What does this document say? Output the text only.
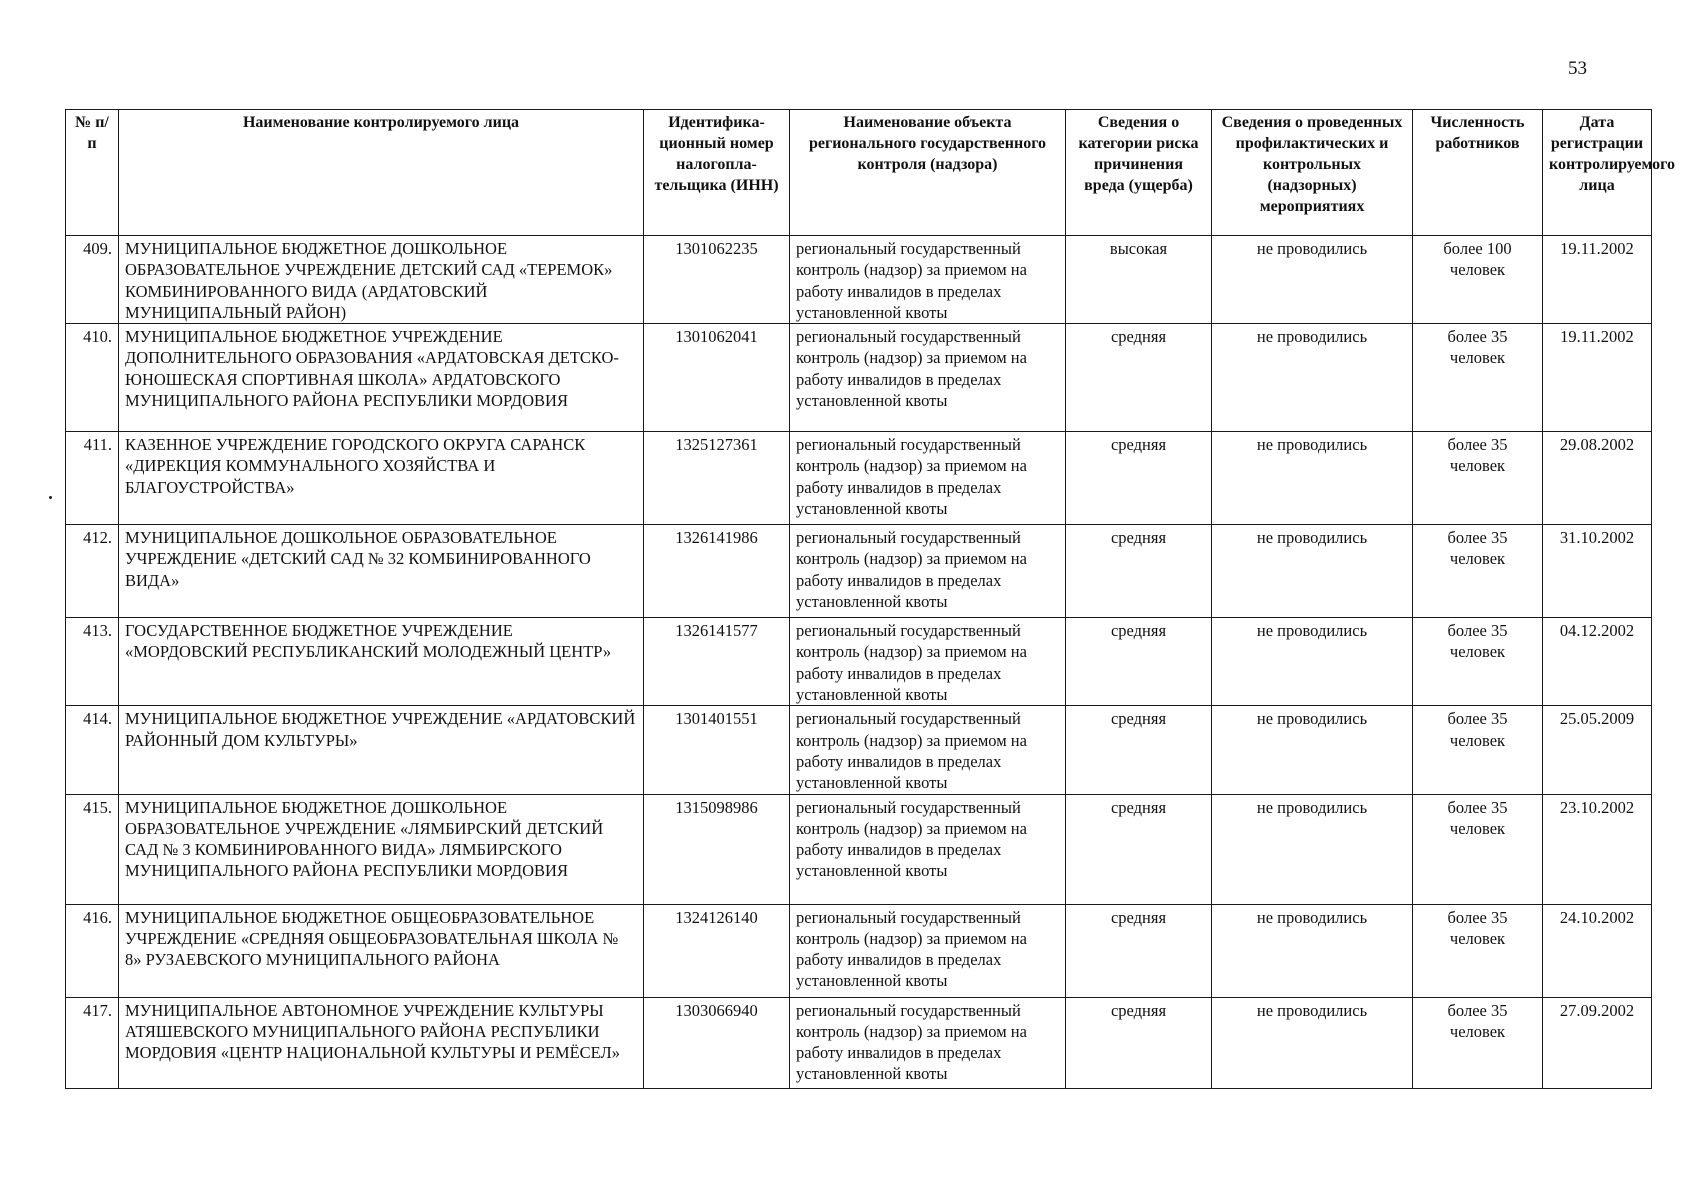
53
№ п/п	Наименование контролируемого лица	Идентифика-ционный номер налогопла-тельщика (ИНН)	Наименование объекта регионального государственного контроля (надзора)	Сведения о категории риска причинения вреда (ущерба)	Сведения о проведенных профилактических и контрольных (надзорных) мероприятиях	Численность работников	Дата регистрации контролируемого лица
409.	МУНИЦИПАЛЬНОЕ БЮДЖЕТНОЕ ДОШКОЛЬНОЕ ОБРАЗОВАТЕЛЬНОЕ УЧРЕЖДЕНИЕ ДЕТСКИЙ САД «ТЕРЕМОК» КОМБИНИРОВАННОГО ВИДА (АРДАТОВСКИЙ МУНИЦИПАЛЬНЫЙ РАЙОН)	1301062235	региональный государственный контроль (надзор) за приемом на работу инвалидов в пределах установленной квоты	высокая	не проводились	более 100 человек	19.11.2002
410.	МУНИЦИПАЛЬНОЕ БЮДЖЕТНОЕ УЧРЕЖДЕНИЕ ДОПОЛНИТЕЛЬНОГО ОБРАЗОВАНИЯ «АРДАТОВСКАЯ ДЕТСКО-ЮНОШЕСКАЯ СПОРТИВНАЯ ШКОЛА» АРДАТОВСКОГО МУНИЦИПАЛЬНОГО РАЙОНА РЕСПУБЛИКИ МОРДОВИЯ	1301062041	региональный государственный контроль (надзор) за приемом на работу инвалидов в пределах установленной квоты	средняя	не проводились	более 35 человек	19.11.2002
411.	КАЗЕННОЕ УЧРЕЖДЕНИЕ ГОРОДСКОГО ОКРУГА САРАНСК «ДИРЕКЦИЯ КОММУНАЛЬНОГО ХОЗЯЙСТВА И БЛАГОУСТРОЙСТВА»	1325127361	региональный государственный контроль (надзор) за приемом на работу инвалидов в пределах установленной квоты	средняя	не проводились	более 35 человек	29.08.2002
412.	МУНИЦИПАЛЬНОЕ ДОШКОЛЬНОЕ ОБРАЗОВАТЕЛЬНОЕ УЧРЕЖДЕНИЕ «ДЕТСКИЙ САД № 32 КОМБИНИРОВАННОГО ВИДА»	1326141986	региональный государственный контроль (надзор) за приемом на работу инвалидов в пределах установленной квоты	средняя	не проводились	более 35 человек	31.10.2002
413.	ГОСУДАРСТВЕННОЕ БЮДЖЕТНОЕ УЧРЕЖДЕНИЕ «МОРДОВСКИЙ РЕСПУБЛИКАНСКИЙ МОЛОДЕЖНЫЙ ЦЕНТР»	1326141577	региональный государственный контроль (надзор) за приемом на работу инвалидов в пределах установленной квоты	средняя	не проводились	более 35 человек	04.12.2002
414.	МУНИЦИПАЛЬНОЕ БЮДЖЕТНОЕ УЧРЕЖДЕНИЕ «АРДАТОВСКИЙ РАЙОННЫЙ ДОМ КУЛЬТУРЫ»	1301401551	региональный государственный контроль (надзор) за приемом на работу инвалидов в пределах установленной квоты	средняя	не проводились	более 35 человек	25.05.2009
415.	МУНИЦИПАЛЬНОЕ БЮДЖЕТНОЕ ДОШКОЛЬНОЕ ОБРАЗОВАТЕЛЬНОЕ УЧРЕЖДЕНИЕ «ЛЯМБИРСКИЙ ДЕТСКИЙ САД № 3 КОМБИНИРОВАННОГО ВИДА» ЛЯМБИРСКОГО МУНИЦИПАЛЬНОГО РАЙОНА РЕСПУБЛИКИ МОРДОВИЯ	1315098986	региональный государственный контроль (надзор) за приемом на работу инвалидов в пределах установленной квоты	средняя	не проводились	более 35 человек	23.10.2002
416.	МУНИЦИПАЛЬНОЕ БЮДЖЕТНОЕ ОБЩЕОБРАЗОВАТЕЛЬНОЕ УЧРЕЖДЕНИЕ «СРЕДНЯЯ ОБЩЕОБРАЗОВАТЕЛЬНАЯ ШКОЛА № 8» РУЗАЕВСКОГО МУНИЦИПАЛЬНОГО РАЙОНА	1324126140	региональный государственный контроль (надзор) за приемом на работу инвалидов в пределах установленной квоты	средняя	не проводились	более 35 человек	24.10.2002
417.	МУНИЦИПАЛЬНОЕ АВТОНОМНОЕ УЧРЕЖДЕНИЕ КУЛЬТУРЫ АТЯШЕВСКОГО МУНИЦИПАЛЬНОГО РАЙОНА РЕСПУБЛИКИ МОРДОВИЯ «ЦЕНТР НАЦИОНАЛЬНОЙ КУЛЬТУРЫ И РЕМЁСЕЛ»	1303066940	региональный государственный контроль (надзор) за приемом на работу инвалидов в пределах установленной квоты	средняя	не проводились	более 35 человек	27.09.2002
